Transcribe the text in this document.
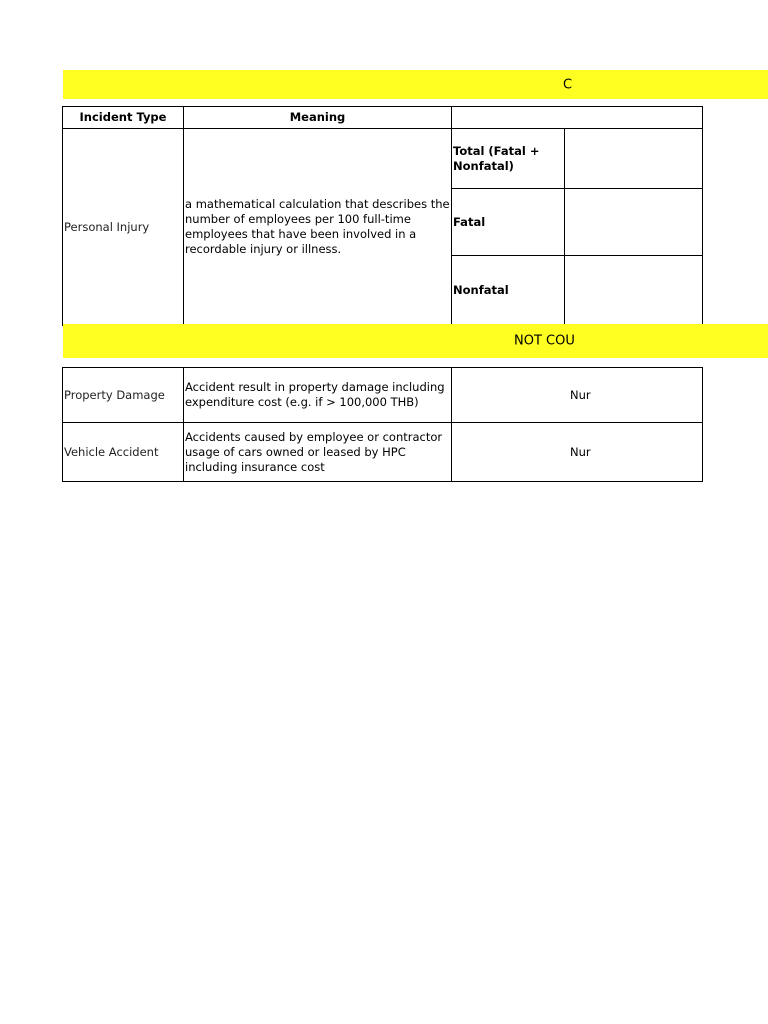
C
Incident Type	Meaning		
Personal Injury	a mathematical calculation that describes the number of employees per 100 full-time employees that have been involved in a recordable injury or illness.	Total (Fatal + Nonfatal)	
		Fatal	
		Nonfatal	
NOT COU
Property Damage	Accident result in property damage including expenditure cost (e.g. if > 100,000 THB)	Nur
Vehicle Accident	Accidents caused by employee or contractor usage of cars owned or leased by HPC including insurance cost	Nur
